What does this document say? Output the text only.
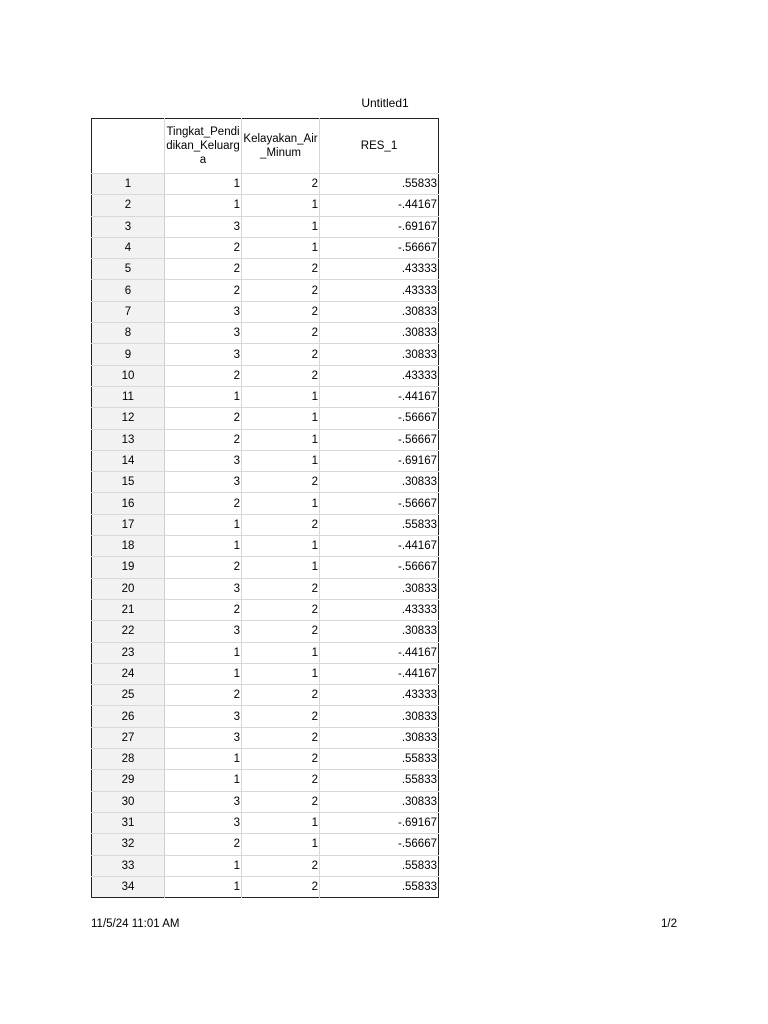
Untitled1
	Tingkat_Pendidikan_Keluarga	Kelayakan_Air_Minum	RES_1
1	1	2	.55833
2	1	1	-.44167
3	3	1	-.69167
4	2	1	-.56667
5	2	2	.43333
6	2	2	.43333
7	3	2	.30833
8	3	2	.30833
9	3	2	.30833
10	2	2	.43333
11	1	1	-.44167
12	2	1	-.56667
13	2	1	-.56667
14	3	1	-.69167
15	3	2	.30833
16	2	1	-.56667
17	1	2	.55833
18	1	1	-.44167
19	2	1	-.56667
20	3	2	.30833
21	2	2	.43333
22	3	2	.30833
23	1	1	-.44167
24	1	1	-.44167
25	2	2	.43333
26	3	2	.30833
27	3	2	.30833
28	1	2	.55833
29	1	2	.55833
30	3	2	.30833
31	3	1	-.69167
32	2	1	-.56667
33	1	2	.55833
34	1	2	.55833
11/5/24 11:01 AM	1/2
